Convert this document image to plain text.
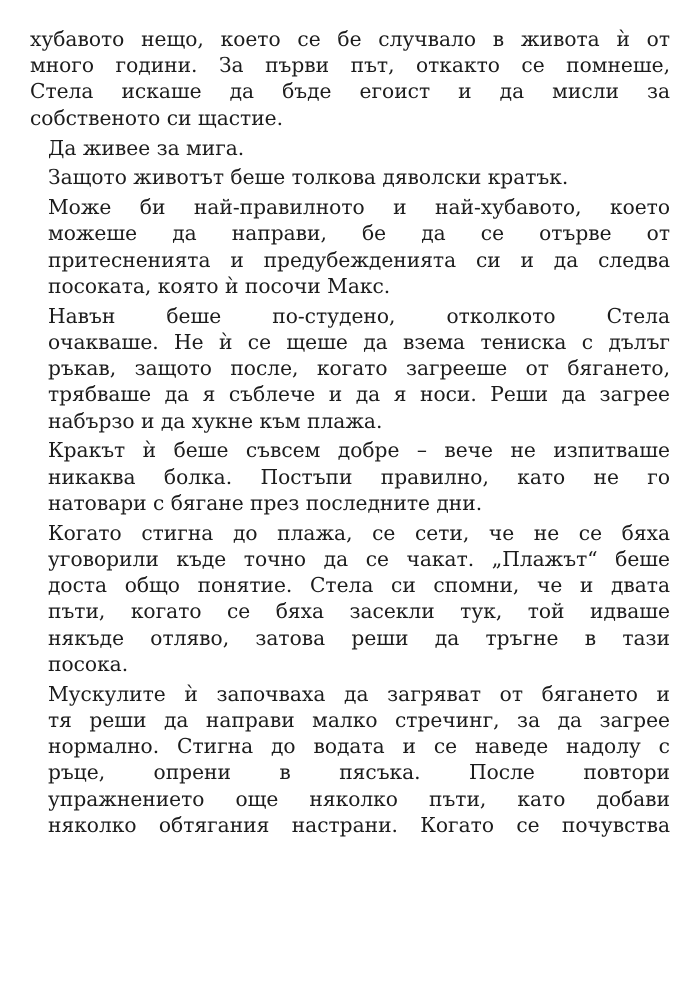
хубавото нещо, което се бе случвало в живота ѝ от
много години. За първи път, откакто се помнеше,
Стела искаше да бъде егоист и да мисли за
собственото си щастие.
Да живее за мига.
Защото животът беше толкова дяволски кратък.
Може би най-правилното и най-хубавото, което
можеше да направи, бе да се отърве от
притесненията и предубежденията си и да следва
посоката, която ѝ посочи Макс.
Навън беше по-студено, отколкото Стела
очакваше. Не ѝ се щеше да взема тениска с дълъг
ръкав, защото после, когато загрееше от бягането,
трябваше да я съблече и да я носи. Реши да загрее
набързо и да хукне към плажа.
Кракът ѝ беше съвсем добре – вече не изпитваше
никаква болка. Постъпи правилно, като не го
натовари с бягане през последните дни.
Когато стигна до плажа, се сети, че не се бяха
уговорили къде точно да се чакат. „Плажът“ беше
доста общо понятие. Стела си спомни, че и двата
пъти, когато се бяха засекли тук, той идваше
някъде отляво, затова реши да тръгне в тази
посока.
Мускулите ѝ започваха да загряват от бягането и
тя реши да направи малко стречинг, за да загрее
нормално. Стигна до водата и се наведе надолу с
ръце, опрени в пясъка. После повтори
упражнението още няколко пъти, като добави
няколко обтягания настрани. Когато се почувства
